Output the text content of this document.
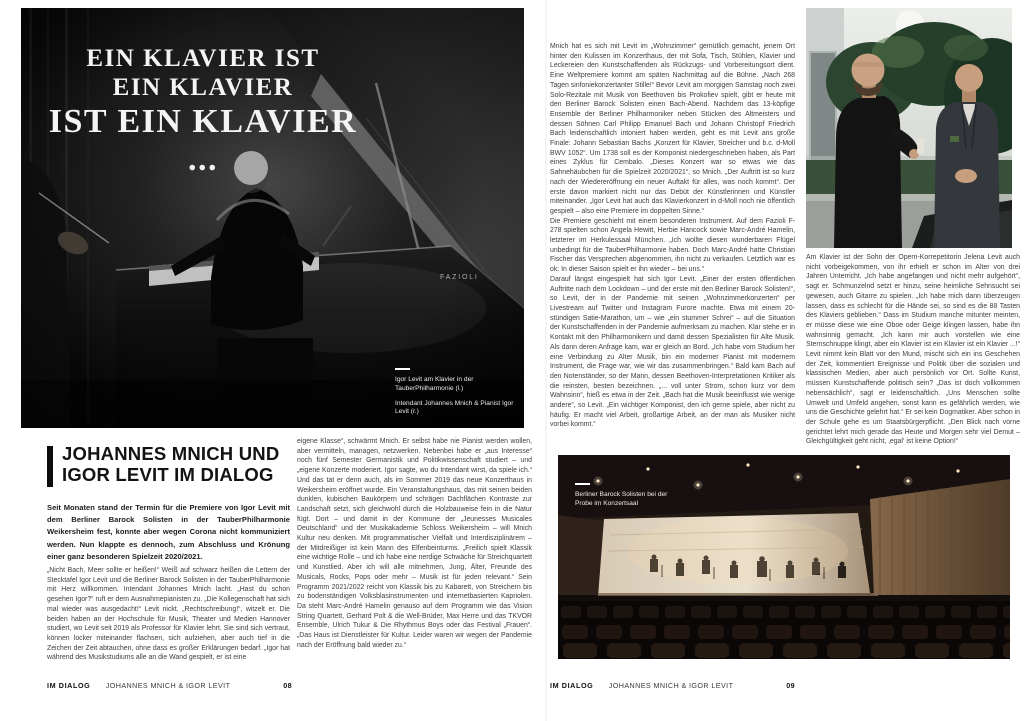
EIN KLAVIER IST
EIN KLAVIER
IST EIN KLAVIER ...
FAZIOLI

Igor Levit am Klavier in der TauberPhilharmonie (l.)

Intendant Johannes Mnich & Pianist Igor Levit (r.)

JOHANNES MNICH UND
IGOR LEVIT IM DIALOG

Seit Monaten stand der Termin für die Premiere von Igor Levit mit dem Berliner Barock Solisten in der TauberPhilharmonie Weikersheim fest, konnte aber wegen Corona nicht kommuniziert werden. Nun klappte es dennoch, zum Abschluss und Krönung einer ganz besonderen Spielzeit 2020/2021.

„Nicht Bach, Meer sollte er heißen!“ Weiß auf schwarz heißen die Lettern der Stecktafel Igor Levit und die Berliner Barock Solisten in der TauberPhilharmonie mit Herz willkommen. Intendant Johannes Mnich lacht. „Hast du schon gesehen Igor?“ ruft er dem Ausnahmepianisten zu. „Die Kollegenschaft hat sich mal wieder was ausgedacht!“ Levit nickt. „Rechtschreibung!“, witzelt er. Die beiden haben an der Hochschule für Musik, Theater und Medien Hannover studiert, wo Levit seit 2019 als Professor für Klavier lehrt. Sie sind sich vertraut, können locker miteinander flachsen, sich aufziehen, aber auch tief in die Zeichen der Zeit abtauchen, ohne dass es großer Erklärungen bedarf. „Igor hat während des Musikstudiums alle an die Wand gespielt, er ist eine
eigene Klasse“, schwärmt Mnich. Er selbst habe nie Pianist werden wollen, aber vermitteln, managen, netzwerken. Nebenbei habe er „aus Interesse“ noch fünf Semester Germanistik und Politikwissenschaft studiert – und „eigene Konzerte moderiert. Igor sagte, wo du Intendant wirst, da spiele ich.“ Und das tat er denn auch, als im Sommer 2019 das neue Konzerthaus in Weikersheim eröffnet wurde. Ein Veranstaltungshaus, das mit seinen beiden dunklen, kubischen Baukörpern und schrägen Dachflächen Kontraste zur Landschaft setzt, sich gleichwohl durch die Holzbauweise fein in die Natur fügt. Dort – und damit in der Kommune der „Jeunesses Musicales Deutschland“ und der Musikakademie Schloss Weikersheim – will Mnich Kultur neu denken. Mit programmatischer Vielfalt und Interdisziplinärem – der Mitdreißiger ist kein Mann des Elfenbeinturms. „Freilich spielt Klassik eine wichtige Rolle – und ich habe eine nerdige Schwäche für Streichquartett und Kunstlied. Aber ich will alle mitnehmen, Jung, Älter, Freunde des Musicals, Rocks, Pops oder mehr – Musik ist für jeden relevant.“ Sein Programm 2021/2022 reicht von Klassik bis zu Kabarett, von Streichern bis zu bodenständigen Volksblasinstrumenten und internetbasierten Kapriolen. Da steht Marc-André Hamelin genauso auf dem Programm wie das Vision String Quartett, Gerhard Polt & die Well-Brüder, Max Herre und das TKVOR Ensemble, Ulrich Tukur & Die Rhythmus Boys oder das Festival „Frauen“. „Das Haus ist Dienstleister für Kultur. Leider waren wir wegen der Pandemie nach der Eröffnung bald wieder zu.“
IM DIALOG JOHANNES MNICH & IGOR LEVIT	08

Mnich hat es sich mit Levit im „Wohnzimmer“ gemütlich gemacht, jenem Ort hinter den Kulissen im Konzerthaus, der mit Sofa, Tisch, Stühlen, Klavier und Leckereien den Kunstschaffenden als Rückzugs- und Vorbereitungsort dient. Eine Weltpremiere kommt am späten Nachmittag auf die Bühne. „Nach 268 Tagen sinfoniekonzertanter Stille!“ Bevor Levit am morgigen Samstag noch zwei Solo-Rezitale mit Musik von Beethoven bis Prokofiev spielt, gibt er heute mit den Berliner Barock Solisten einen Bach-Abend. Nachdem das 13-köpfige Ensemble der Berliner Philharmoniker neben Stücken des Altmeisters und dessen Söhnen Carl Philipp Emanuel Bach und Johann Christopf Friedrich Bach leidenschaftlich intoniert haben werden, geht es mit Levit ans große Finale: Johann Sebastian Bachs „Konzert für Klavier, Streicher und b.c. d-Moll BWV 1052“. Um 1738 soll es der Komponist niedergeschrieben haben, als Part eines Zyklus für Cembalo. „Dieses Konzert war so etwas wie das Sahnehäubchen für die Spielzeit 2020/2021“, so Mnich. „Der Auftritt ist so kurz nach der Wiedereröffnung ein neuer Auftakt für alles, was noch kommt“. Der erste davon markiert nicht nur das Debüt der Künstlerinnen und Künstler miteinander. „Igor Levit hat auch das Klavierkonzert in d-Moll noch nie öffentlich gespielt – also eine Premiere im doppelten Sinne.“

Die Premiere geschieht mit einem besonderen Instrument. Auf dem Fazioli F-278 spielten schon Angela Hewitt, Herbie Hancock sowie Marc-André Hamelin, letzterer im Herkulessaal München. „Ich wollte diesen wunderbaren Flügel unbedingt für die TauberPhilharmonie haben. Doch Marc-André hatte Christian Fischer das Versprechen abgenommen, ihn nicht zu verkaufen. Letztlich war es ok: In dieser Saison spielt er ihn wieder – bei uns.“

Darauf längst eingespielt hat sich Igor Levit. „Einer der ersten öffentlichen Auftritte nach dem Lockdown – und der erste mit den Berliner Barock Solisten!“, so Levit, der in der Pandemie mit seinen „Wohnzimmerkonzerten“ per Livestream auf Twitter und Instagram Furore machte. Etwa mit einem 20-stündigen Satie-Marathon, um – wie „ein stummer Schrei“ – auf die Situation der Kunstschaffenden in der Pandemie aufmerksam zu machen. Klar stehe er in Kontakt mit den Philharmonikern und damit dessen Spezialisten für Alte Musik. Als dann deren Anfrage kam, war er gleich an Bord. „Ich habe vom Studium her eine Verbindung zu Alter Musik, bin ein moderner Pianist mit modernem Instrument, die Frage war, wie wir das zusammenbringen.“ Bald kam Bach auf den Notenständer, so der Mann, dessen Beethoven-Interpretationen Kritiker als die reinsten, besten bezeichnen. „... voll unter Strom, schon kurz vor dem Wahnsinn“, hieß es etwa in der Zeit. „Bach hat die Musik beeinflusst wie wenige andere“, so Levit. „Ein wichtiger Komponist, den ich gerne spiele, aber nicht zu häufig. Er macht viel Arbeit, großartige Arbeit, an der man als Musiker nicht vorbei kommt.“

Am Klavier ist der Sohn der Opern-Korrepetitorin Jelena Levit auch nicht vorbeigekommen, von ihr erhielt er schon im Alter von drei Jahren Unterricht. „Ich habe angefangen und nicht mehr aufgehört“, sagt er. Schmunzelnd setzt er hinzu, seine heimliche Sehnsucht sei gewesen, auch Gitarre zu spielen. „Ich habe mich dann überzeugen lassen, dass es schlecht für die Hände sei, so sind es die 88 Tasten des Klaviers geblieben.“ Dass im Studium manche mitunter meinten, er müsse diese wie eine Oboe oder Geige klingen lassen, habe ihn wahnsinnig gemacht. „Ich kann mir auch vorstellen wie eine Sternschnuppe klingt, aber ein Klavier ist ein Klavier ist ein Klavier ...!“ Levit nimmt kein Blatt vor den Mund, mischt sich ein ins Geschehen der Zeit, kommentiert Ereignisse und Politik über die sozialen und klassischen Medien, aber auch persönlich vor Ort. Sollte Kunst, müssen Kunstschaffende politisch sein? „Das ist doch vollkommen nebensächlich“, sagt er leidenschaftlich. „Uns Menschen sollte Umwelt und Umfeld angehen, sonst kann es gefährlich werden, wie uns die Geschichte gelehrt hat.“ Er sei kein Dogmatiker. Aber schon in der Schule gehe es um Staatsbürgerpflicht. „Den Blick nach vorne gerichtet lehrt mich gerade das Heute und Morgen sehr viel Demut – Gleichgültigkeit geht nicht, ‚egal‘ ist keine Option!“

Berliner Barock Solisten bei der Probe im Konzertsaal

IM DIALOG JOHANNES MNICH & IGOR LEVIT	09
